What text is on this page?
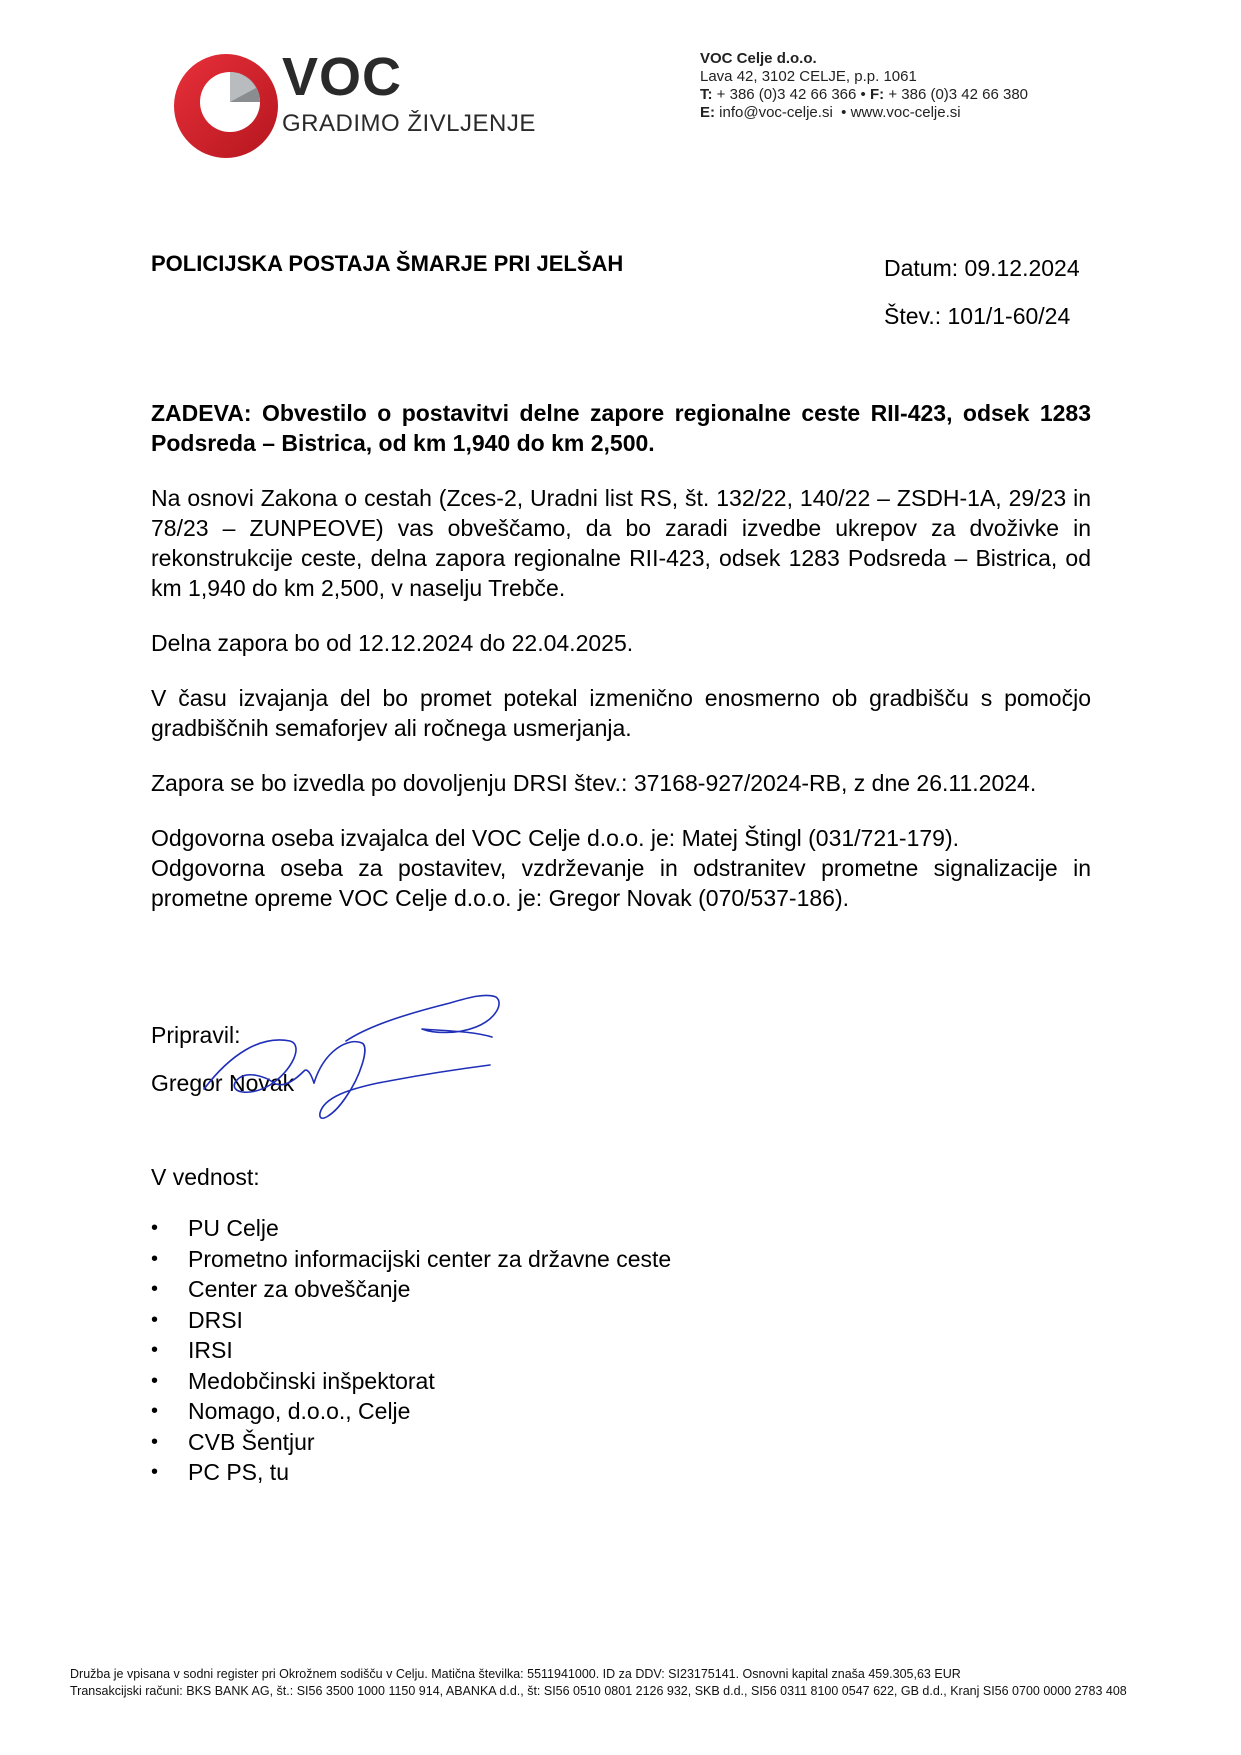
VOC
GRADIMO ŽIVLJENJE
VOC Celje d.o.o.
Lava 42, 3102 CELJE, p.p. 1061
T: + 386 (0)3 42 66 366 • F: + 386 (0)3 42 66 380
E: info@voc-celje.si • www.voc-celje.si
POLICIJSKA POSTAJA ŠMARJE PRI JELŠAH	Datum: 09.12.2024
Štev.: 101/1-60/24

ZADEVA: Obvestilo o postavitvi delne zapore regionalne ceste RII-423, odsek 1283 Podsreda – Bistrica, od km 1,940 do km 2,500.

Na osnovi Zakona o cestah (Zces-2, Uradni list RS, št. 132/22, 140/22 – ZSDH-1A, 29/23 in 78/23 – ZUNPEOVE) vas obveščamo, da bo zaradi izvedbe ukrepov za dvoživke in rekonstrukcije ceste, delna zapora regionalne RII-423, odsek 1283 Podsreda – Bistrica, od km 1,940 do km 2,500, v naselju Trebče.

Delna zapora bo od 12.12.2024 do 22.04.2025.

V času izvajanja del bo promet potekal izmenično enosmerno ob gradbišču s pomočjo gradbiščnih semaforjev ali ročnega usmerjanja.

Zapora se bo izvedla po dovoljenju DRSI štev.: 37168-927/2024-RB, z dne 26.11.2024.

Odgovorna oseba izvajalca del VOC Celje d.o.o. je: Matej Štingl (031/721-179).

Odgovorna oseba za postavitev, vzdrževanje in odstranitev prometne signalizacije in prometne opreme VOC Celje d.o.o. je: Gregor Novak (070/537-186).

Pripravil:
Gregor Novak
V vednost:
• PU Celje
• Prometno informacijski center za državne ceste
• Center za obveščanje
• DRSI
• IRSI
• Medobčinski inšpektorat
• Nomago, d.o.o., Celje
• CVB Šentjur
• PC PS, tu
Družba je vpisana v sodni register pri Okrožnem sodišču v Celju. Matična številka: 5511941000. ID za DDV: SI23175141. Osnovni kapital znaša 459.305,63 EUR
Transakcijski računi: BKS BANK AG, št.: SI56 3500 1000 1150 914, ABANKA d.d., št: SI56 0510 0801 2126 932, SKB d.d., SI56 0311 8100 0547 622, GB d.d., Kranj SI56 0700 0000 2783 408
